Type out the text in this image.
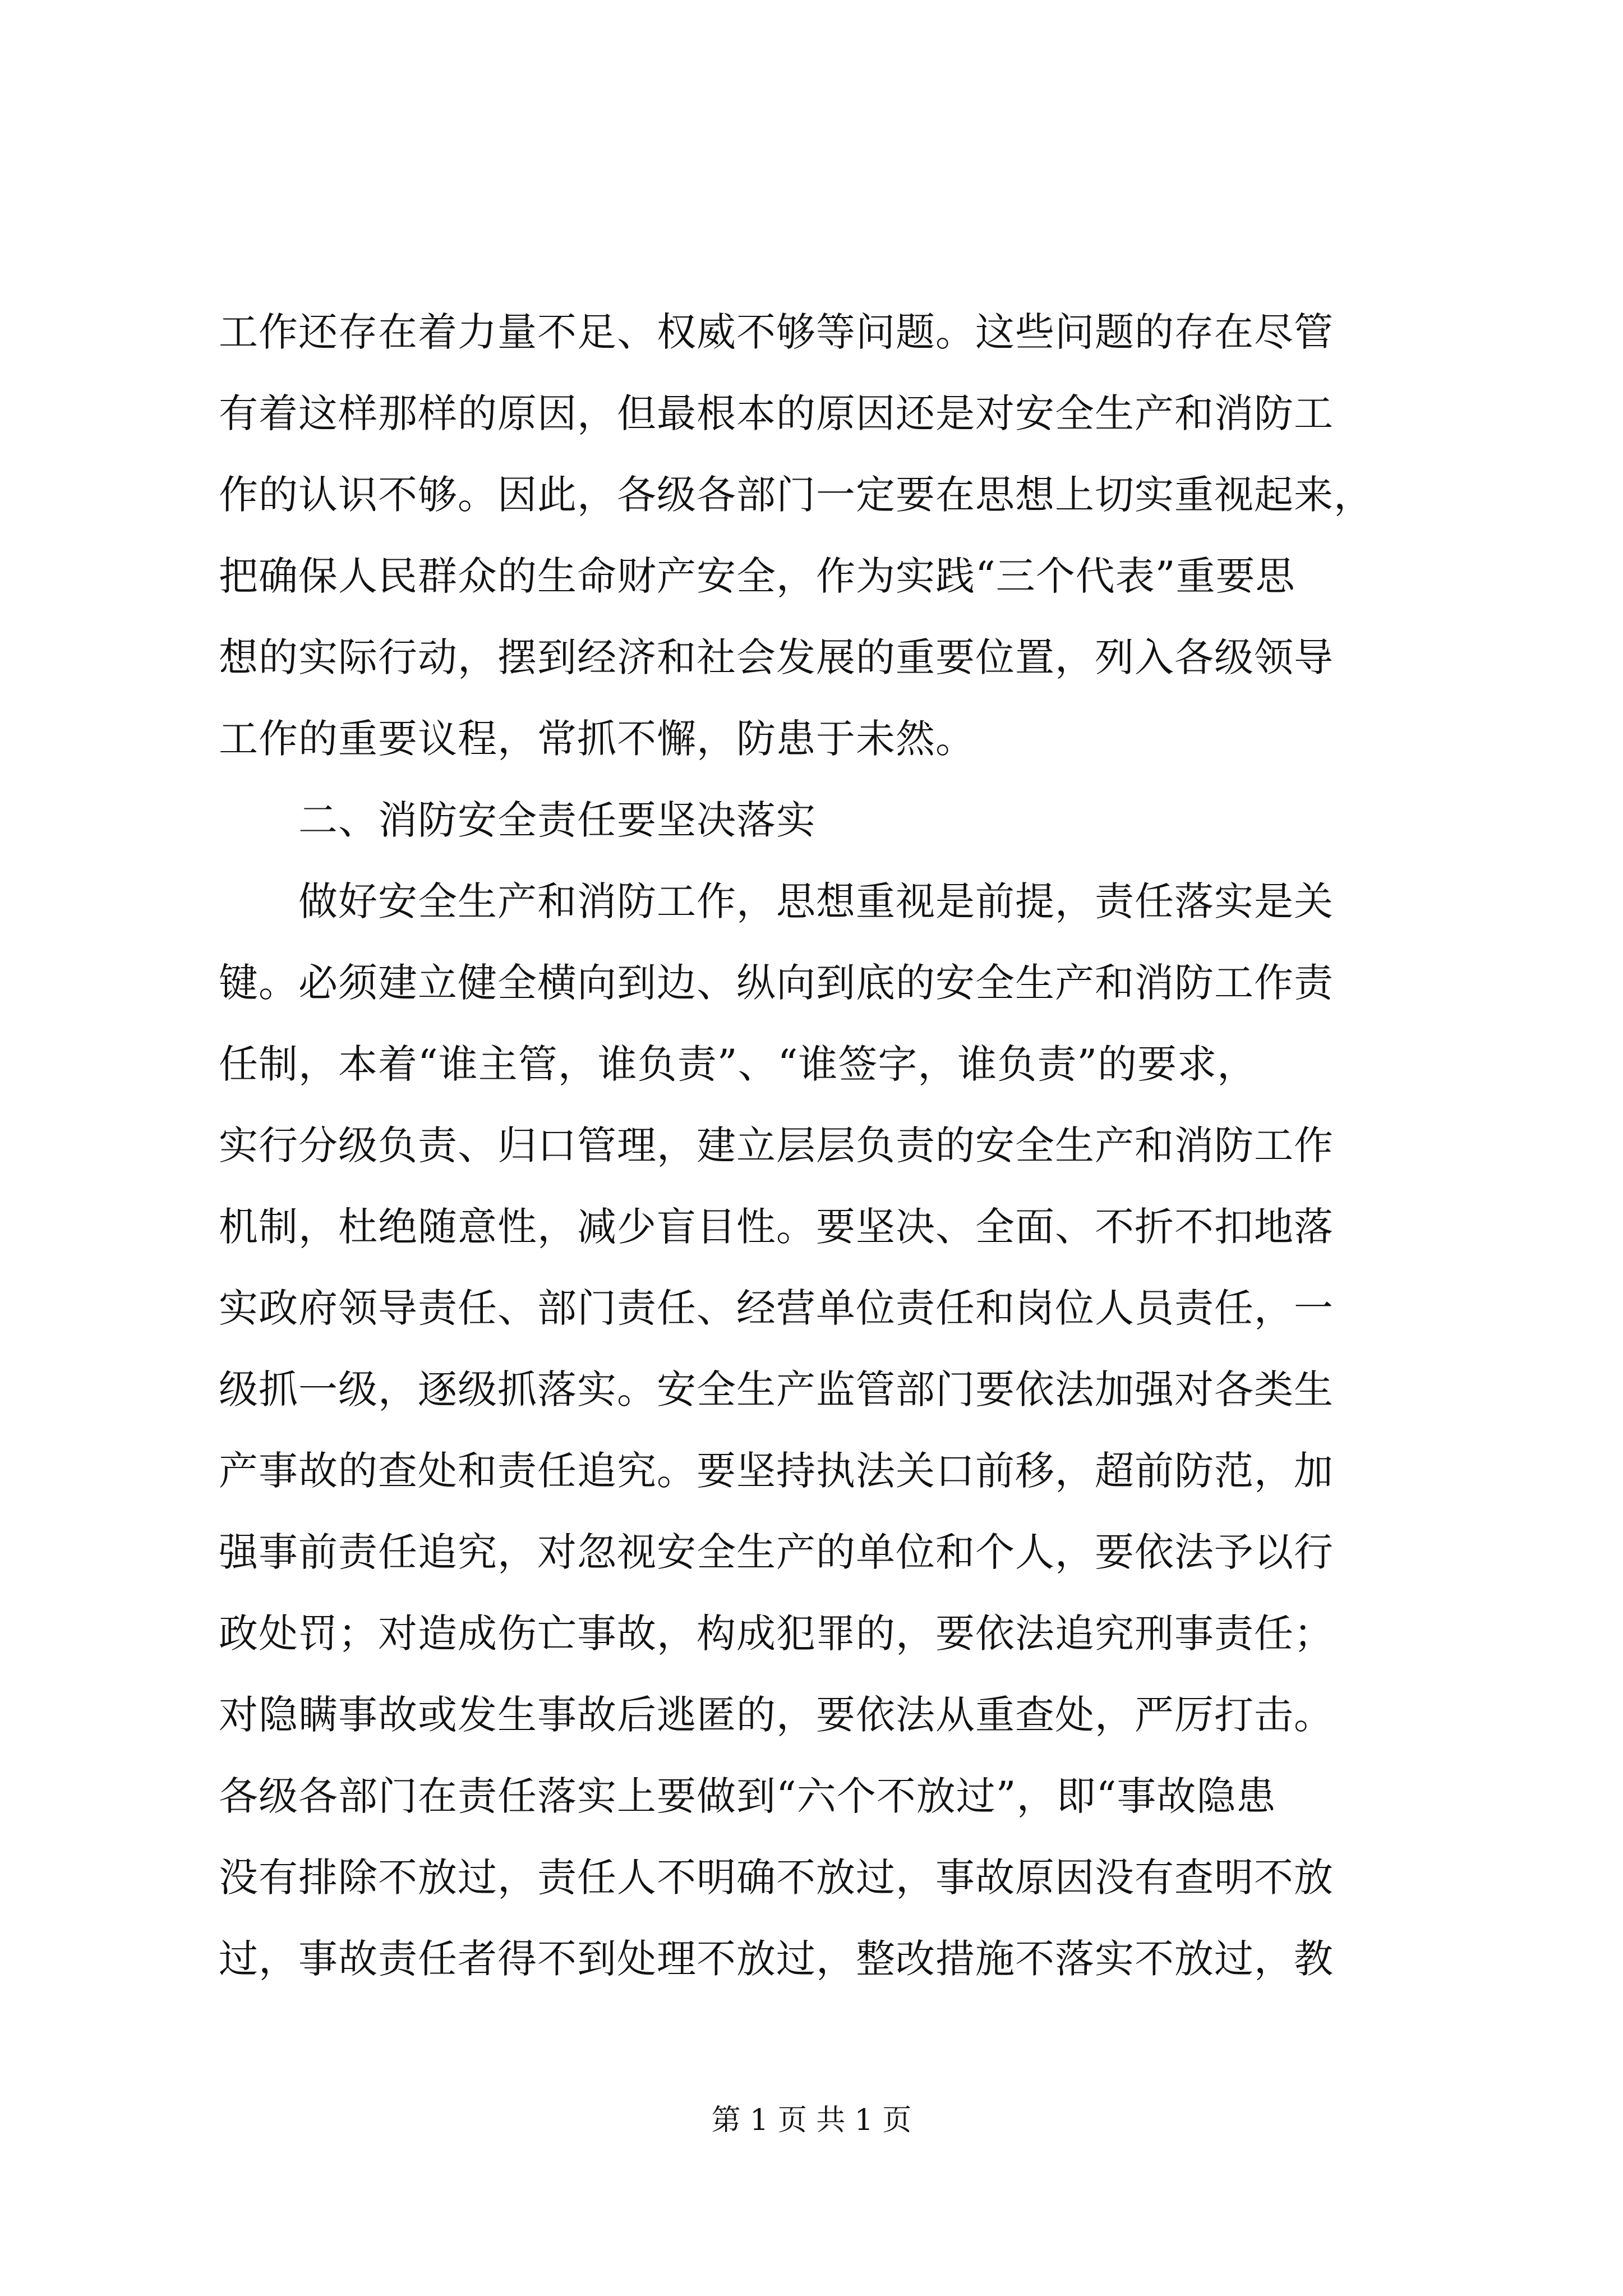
工作还存在着力量不足、权威不够等问题。这些问题的存在尽管
有着这样那样的原因，但最根本的原因还是对安全生产和消防工
作的认识不够。因此，各级各部门一定要在思想上切实重视起来，
把确保人民群众的生命财产安全，作为实践“三个代表”重要思
想的实际行动，摆到经济和社会发展的重要位置，列入各级领导
工作的重要议程，常抓不懈，防患于未然。
二、消防安全责任要坚决落实
做好安全生产和消防工作，思想重视是前提，责任落实是关
键。必须建立健全横向到边、纵向到底的安全生产和消防工作责
任制，本着“谁主管，谁负责”、“谁签字，谁负责”的要求，
实行分级负责、归口管理，建立层层负责的安全生产和消防工作
机制，杜绝随意性，减少盲目性。要坚决、全面、不折不扣地落
实政府领导责任、部门责任、经营单位责任和岗位人员责任，一
级抓一级，逐级抓落实。安全生产监管部门要依法加强对各类生
产事故的查处和责任追究。要坚持执法关口前移，超前防范，加
强事前责任追究，对忽视安全生产的单位和个人，要依法予以行
政处罚；对造成伤亡事故，构成犯罪的，要依法追究刑事责任；
对隐瞒事故或发生事故后逃匿的，要依法从重查处，严厉打击。
各级各部门在责任落实上要做到“六个不放过”，即“事故隐患
没有排除不放过，责任人不明确不放过，事故原因没有查明不放
过，事故责任者得不到处理不放过，整改措施不落实不放过，教
第 1 页 共 1 页
